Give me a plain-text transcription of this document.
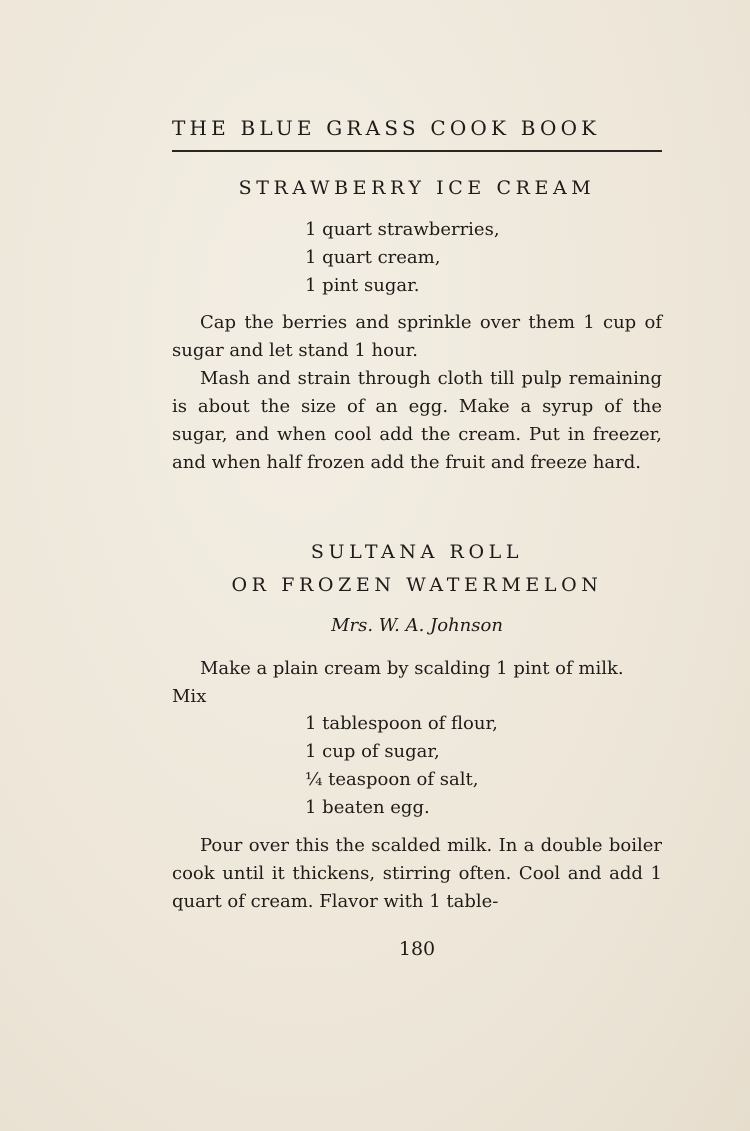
THE BLUE GRASS COOK BOOK
STRAWBERRY ICE CREAM
1 quart strawberries,
1 quart cream,
1 pint sugar.
Cap the berries and sprinkle over them 1 cup of sugar and let stand 1 hour.
Mash and strain through cloth till pulp remaining is about the size of an egg. Make a syrup of the sugar, and when cool add the cream. Put in freezer, and when half frozen add the fruit and freeze hard.
SULTANA ROLL
OR FROZEN WATERMELON
Mrs. W. A. Johnson
Make a plain cream by scalding 1 pint of milk. Mix
1 tablespoon of flour,
1 cup of sugar,
¼ teaspoon of salt,
1 beaten egg.
Pour over this the scalded milk. In a double boiler cook until it thickens, stirring often. Cool and add 1 quart of cream. Flavor with 1 table-
180
